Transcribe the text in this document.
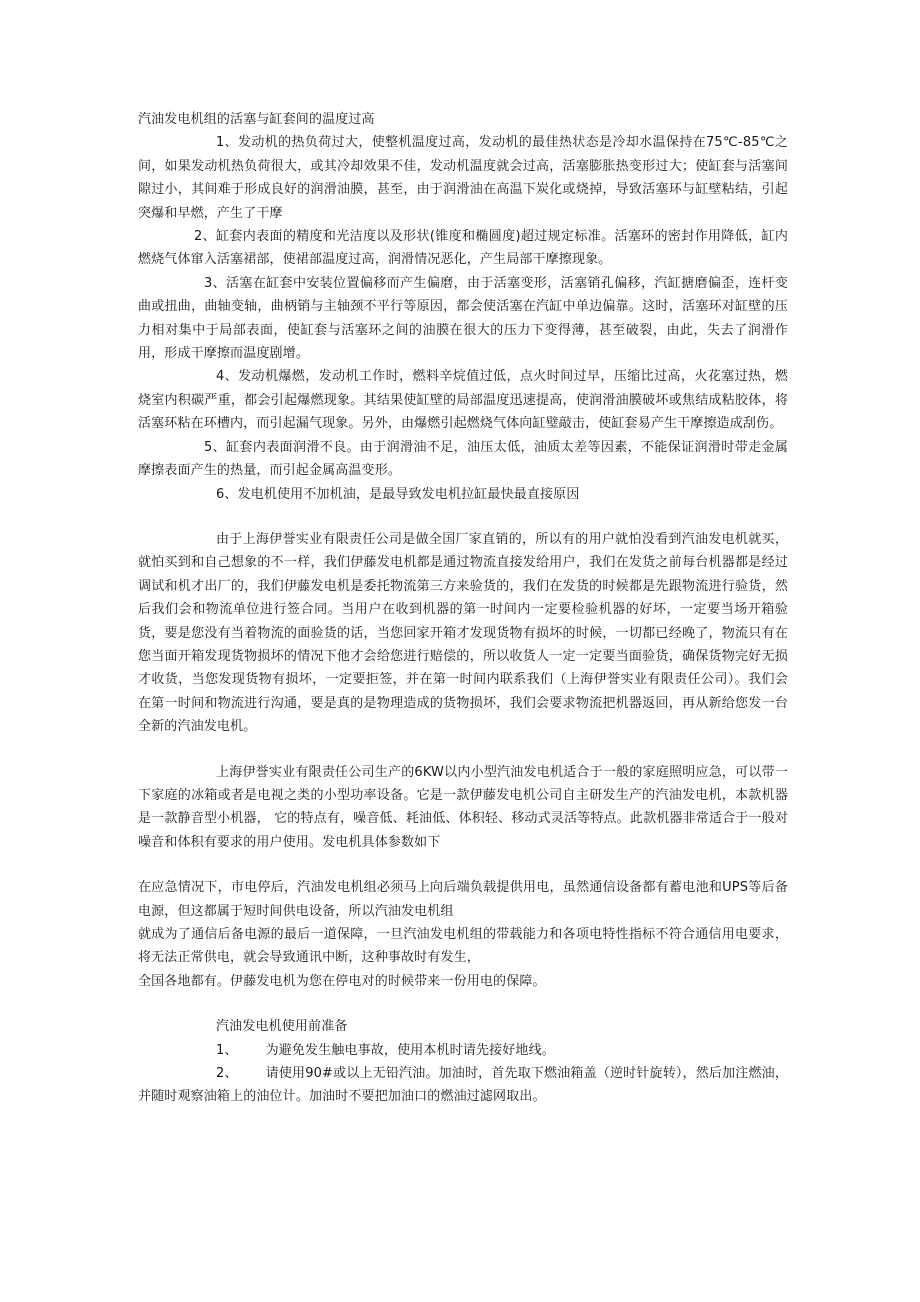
汽油发电机组的活塞与缸套间的温度过高

1、发动机的热负荷过大，使整机温度过高，发动机的最佳热状态是冷却水温保持在75℃-85℃之间，如果发动机热负荷很大，或其冷却效果不佳，发动机温度就会过高，活塞膨胀热变形过大；使缸套与活塞间隙过小，其间难于形成良好的润滑油膜，甚至，由于润滑油在高温下炭化或烧掉，导致活塞环与缸壁粘结，引起突爆和早燃，产生了干摩

2、缸套内表面的精度和光洁度以及形状(锥度和椭圆度)超过规定标准。活塞环的密封作用降低，缸内燃烧气体窜入活塞裙部，使裙部温度过高，润滑情况恶化，产生局部干摩擦现象。

3、活塞在缸套中安装位置偏移而产生偏磨，由于活塞变形，活塞销孔偏移，汽缸搪磨偏歪，连杆变曲或扭曲，曲轴变轴，曲柄销与主轴颈不平行等原因，都会使活塞在汽缸中单边偏靠。这时，活塞环对缸壁的压力相对集中于局部表面，使缸套与活塞环之间的油膜在很大的压力下变得薄，甚至破裂，由此，失去了润滑作用，形成干摩擦而温度剧增。

4、发动机爆燃，发动机工作时，燃料辛烷值过低，点火时间过早，压缩比过高，火花塞过热，燃烧室内积碳严重，都会引起爆燃现象。其结果使缸壁的局部温度迅速提高，使润滑油膜破坏或焦结成粘胶体，将活塞环粘在环槽内，而引起漏气现象。另外，由爆燃引起燃烧气体向缸璧敲击，使缸套易产生干摩擦造成刮伤。

5、缸套内表面润滑不良。由于润滑油不足，油压太低，油质太差等因素，不能保证润滑时带走金属摩擦表面产生的热量，而引起金属高温变形。

6、发电机使用不加机油，是最导致发电机拉缸最快最直接原因

由于上海伊誉实业有限责任公司是做全国厂家直销的，所以有的用户就怕没看到汽油发电机就买，就怕买到和自己想象的不一样，我们伊藤发电机都是通过物流直接发给用户，我们在发货之前每台机器都是经过调试和机才出厂的，我们伊藤发电机是委托物流第三方来验货的，我们在发货的时候都是先跟物流进行验货，然后我们会和物流单位进行签合同。当用户在收到机器的第一时间内一定要检验机器的好坏，一定要当场开箱验货，要是您没有当着物流的面验货的话，当您回家开箱才发现货物有损坏的时候，一切都已经晚了，物流只有在您当面开箱发现货物损坏的情况下他才会给您进行赔偿的，所以收货人一定一定要当面验货，确保货物完好无损才收货，当您发现货物有损坏，一定要拒签，并在第一时间内联系我们（上海伊誉实业有限责任公司）。我们会在第一时间和物流进行沟通，要是真的是物理造成的货物损坏，我们会要求物流把机器返回，再从新给您发一台全新的汽油发电机。

上海伊誉实业有限责任公司生产的6KW以内小型汽油发电机适合于一般的家庭照明应急，可以带一下家庭的冰箱或者是电视之类的小型功率设备。它是一款伊藤发电机公司自主研发生产的汽油发电机，本款机器是一款静音型小机器， 它的特点有，噪音低、耗油低、体积轻、移动式灵活等特点。此款机器非常适合于一般对噪音和体积有要求的用户使用。发电机具体参数如下

在应急情况下，市电停后，汽油发电机组必须马上向后端负载提供用电，虽然通信设备都有蓄电池和UPS等后备电源，但这都属于短时间供电设备，所以汽油发电机组

就成为了通信后备电源的最后一道保障，一旦汽油发电机组的带载能力和各项电特性指标不符合通信用电要求，将无法正常供电，就会导致通讯中断，这种事故时有发生，

全国各地都有。伊藤发电机为您在停电对的时候带来一份用电的保障。

汽油发电机使用前准备

1、 为避免发生触电事故，使用本机时请先接好地线。

2、 请使用90#或以上无铅汽油。加油时，首先取下燃油箱盖（逆时针旋转），然后加注燃油，并随时观察油箱上的油位计。加油时不要把加油口的燃油过滤网取出。
